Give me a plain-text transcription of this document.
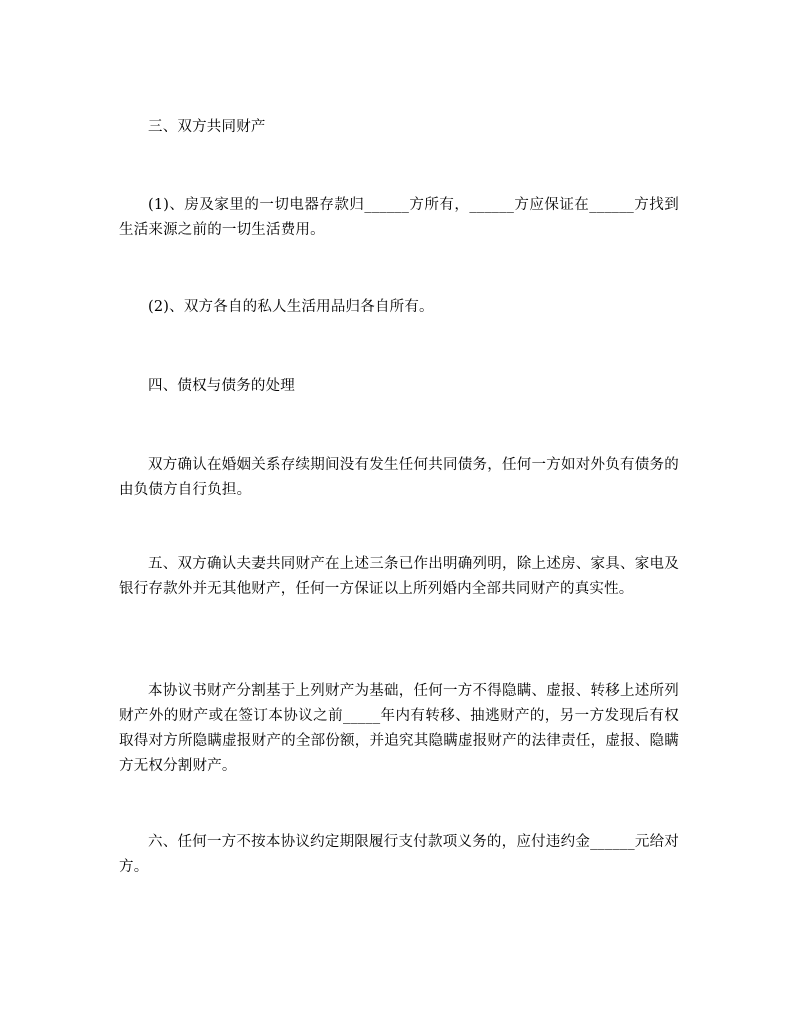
三、双方共同财产

(1)、房及家里的一切电器存款归______方所有，______方应保证在______方找到生活来源之前的一切生活费用。

(2)、双方各自的私人生活用品归各自所有。

四、债权与债务的处理

双方确认在婚姻关系存续期间没有发生任何共同债务，任何一方如对外负有债务的由负债方自行负担。

五、双方确认夫妻共同财产在上述三条已作出明确列明，除上述房、家具、家电及银行存款外并无其他财产，任何一方保证以上所列婚内全部共同财产的真实性。

本协议书财产分割基于上列财产为基础，任何一方不得隐瞒、虚报、转移上述所列财产外的财产或在签订本协议之前_____年内有转移、抽逃财产的，另一方发现后有权取得对方所隐瞒虚报财产的全部份额，并追究其隐瞒虚报财产的法律责任，虚报、隐瞒方无权分割财产。

六、任何一方不按本协议约定期限履行支付款项义务的，应付违约金______元给对方。
